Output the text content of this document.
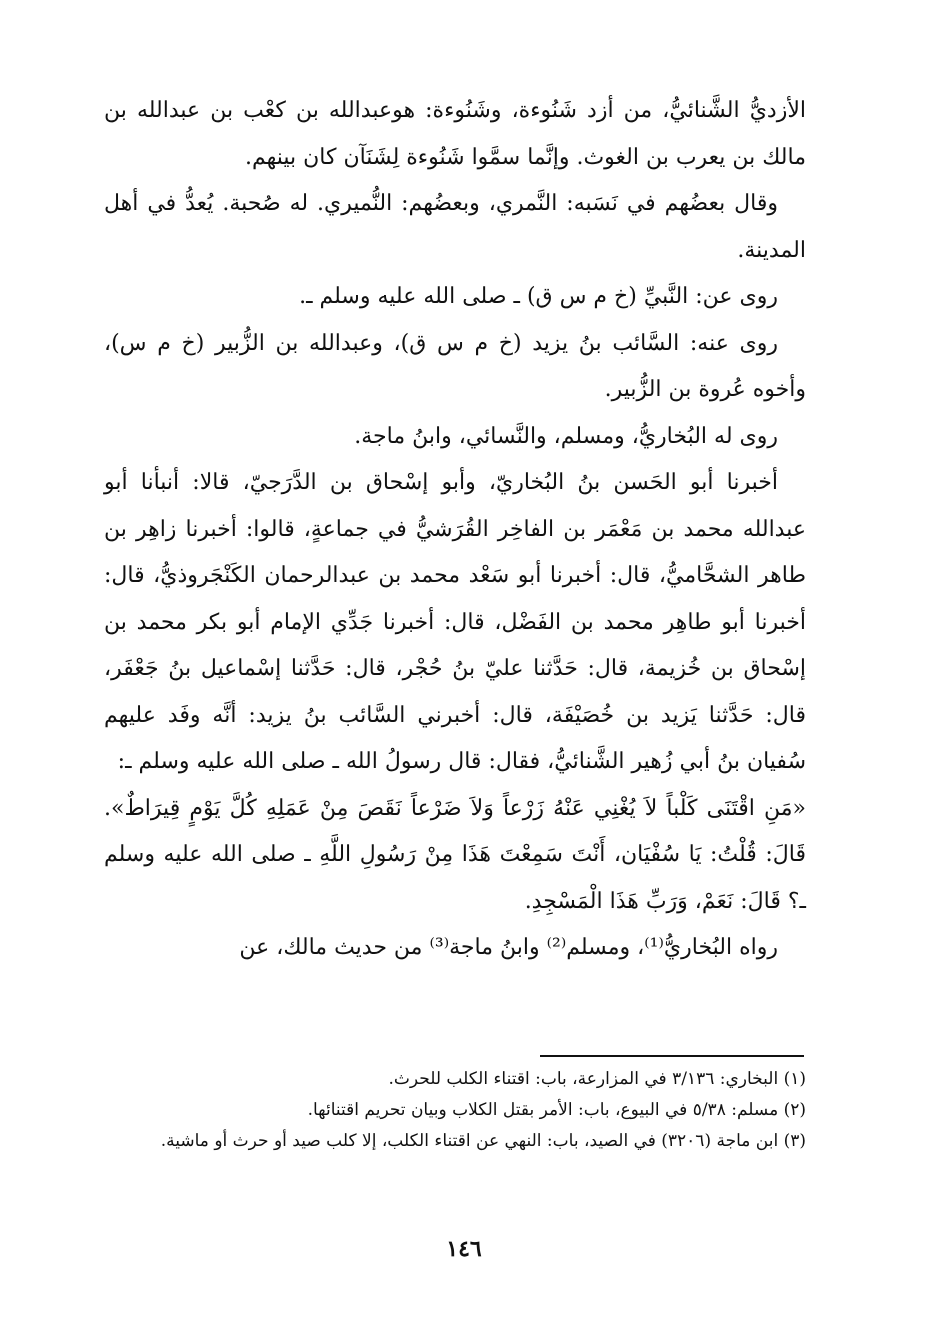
الأزديُّ الشَّنائيُّ، من أزد شَنُوءة، وشَنُوءة: هوعبدالله بن كعْب بن عبدالله بن مالك بن يعرب بن الغوث. وإنَّما سمَّوا شَنُوءة لِشَنَآن كان بينهم.

وقال بعضُهم في نَسَبه: النَّمري، وبعضُهم: النُّميري. له صُحبة. يُعدُّ في أهل المدينة.

روى عن: النَّبيِّ (خ م س ق) ـ صلى الله عليه وسلم ـ.

روى عنه: السَّائب بنُ يزيد (خ م س ق)، وعبدالله بن الزُّبير (خ م س)، وأخوه عُروة بن الزُّبير.

روى له البُخاريُّ، ومسلم، والنَّسائي، وابنُ ماجة.

أخبرنا أبو الحَسن بنُ البُخاريّ، وأبو إسْحاق بن الدَّرَجيّ، قالا: أنبأنا أبو عبدالله محمد بن مَعْمَر بن الفاخِر القُرَشيُّ في جماعةٍ، قالوا: أخبرنا زاهِر بن طاهر الشحَّاميُّ، قال: أخبرنا أبو سَعْد محمد بن عبدالرحمان الكَنْجَروذيُّ، قال: أخبرنا أبو طاهِر محمد بن الفَضْل، قال: أخبرنا جَدِّي الإمام أبو بكر محمد بن إسْحاق بن خُزيمة، قال: حَدَّثنا عليّ بنُ حُجْر، قال: حَدَّثنا إسْماعيل بنُ جَعْفَر، قال: حَدَّثنا يَزيد بن خُصَيْفَة، قال: أخبرني السَّائب بنُ يزيد: أنَّه وفَد عليهم سُفيان بنُ أبي زُهير الشَّنائيُّ، فقال: قال رسولُ الله ـ صلى الله عليه وسلم ـ:

«مَنِ اقْتَنَى كَلْباً لاَ يُغْنِي عَنْهُ زَرْعاً وَلاَ ضَرْعاً نَقَصَ مِنْ عَمَلِهِ كُلَّ يَوْمٍ قِيرَاطٌ». قَالَ: قُلْتُ: يَا سُفْيَان، أَنْتَ سَمِعْتَ هَذَا مِنْ رَسُولِ اللَّهِ ـ صلى الله عليه وسلم ـ؟ قَالَ: نَعَمْ، وَرَبِّ هَذَا الْمَسْجِدِ.

رواه البُخاريُّ⁽¹⁾، ومسلم⁽²⁾ وابنُ ماجة⁽³⁾ من حديث مالك، عن

(١) البخاري: ٣/١٣٦ في المزارعة، باب: اقتناء الكلب للحرث.

(٢) مسلم: ٥/٣٨ في البيوع، باب: الأمر بقتل الكلاب وبيان تحريم اقتنائها.

(٣) ابن ماجة (٣٢٠٦) في الصيد، باب: النهي عن اقتناء الكلب، إلا كلب صيد أو حرث أو ماشية.

١٤٦
